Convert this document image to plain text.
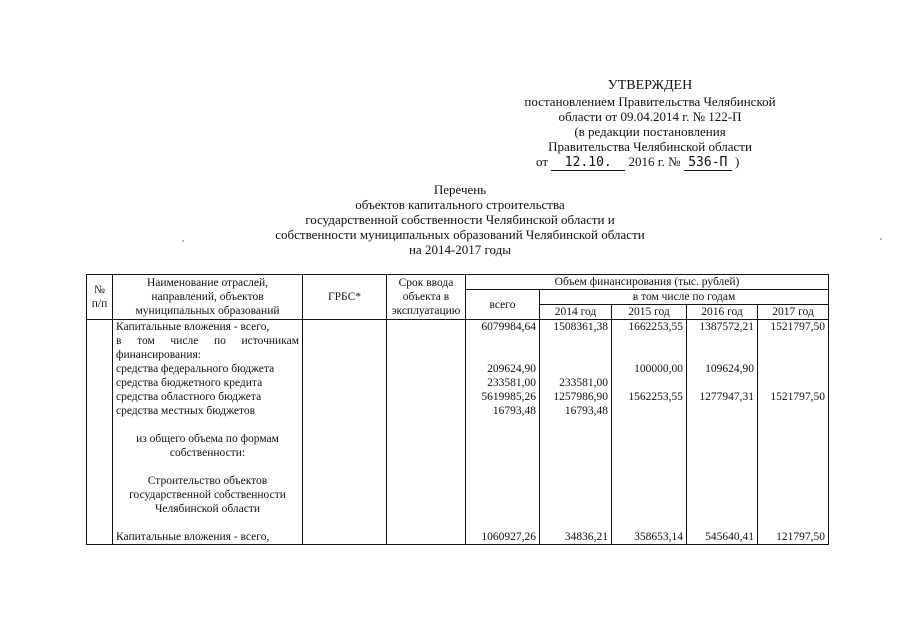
УТВЕРЖДЕН
постановлением Правительства Челябинской
области от 09.04.2014 г. № 122-П
(в редакции постановления
Правительства Челябинской области
от 12.10. 2016 г. № 536-П )
Перечень
объектов капитального строительства
государственной собственности Челябинской области и
собственности муниципальных образований Челябинской области
на 2014-2017 годы
№ п/п	Наименование отраслей, направлений, объектов муниципальных образований	ГРБС*	Срок ввода объекта в эксплуатацию	Объем финансирования (тыс. рублей)				
				всего	в том числе по годам			
					2014 год	2015 год	2016 год	2017 год
	Капитальные вложения - всего,			6079984,64	1508361,38	1662253,55	1387572,21	1521797,50
	в том числе по источникам							
	финансирования:							
	средства федерального бюджета			209624,90		100000,00	109624,90	
	средства бюджетного кредита			233581,00	233581,00			
	средства областного бюджета			5619985,26	1257986,90	1562253,55	1277947,31	1521797,50
	средства местных бюджетов			16793,48	16793,48			

	из общего объема по формам
собственности:							

	Строительство объектов
государственной собственности
Челябинской области							

	Капитальные вложения - всего,			1060927,26	34836,21	358653,14	545640,41	121797,50
